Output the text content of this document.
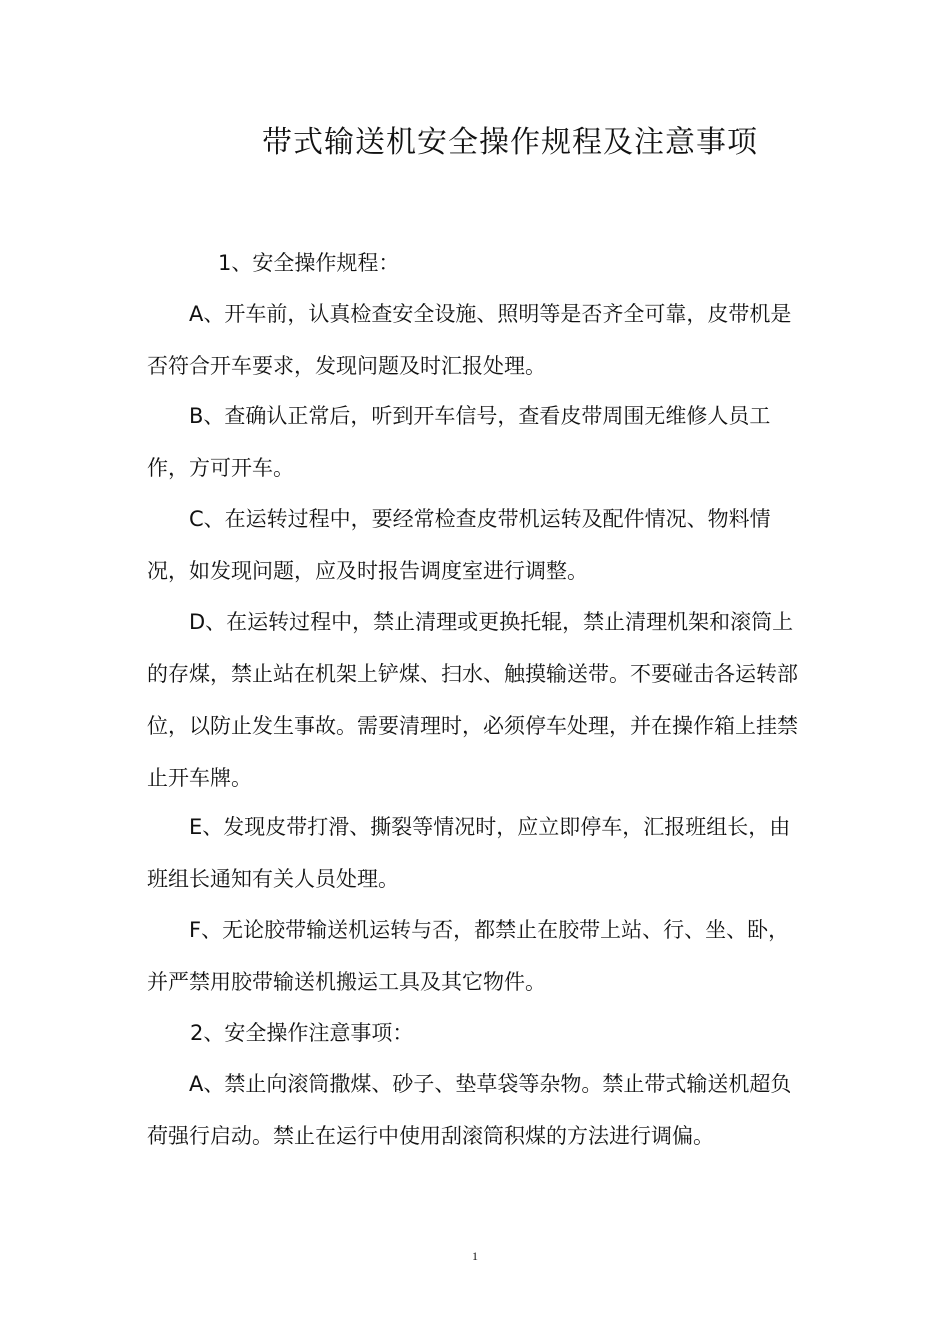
带式输送机安全操作规程及注意事项
1、安全操作规程：

A、开车前，认真检查安全设施、照明等是否齐全可靠，皮带机是否符合开车要求，发现问题及时汇报处理。

B、查确认正常后，听到开车信号，查看皮带周围无维修人员工作，方可开车。

C、在运转过程中，要经常检查皮带机运转及配件情况、物料情况，如发现问题，应及时报告调度室进行调整。

D、在运转过程中，禁止清理或更换托辊，禁止清理机架和滚筒上的存煤，禁止站在机架上铲煤、扫水、触摸输送带。不要碰击各运转部位，以防止发生事故。需要清理时，必须停车处理，并在操作箱上挂禁止开车牌。

E、发现皮带打滑、撕裂等情况时，应立即停车，汇报班组长，由班组长通知有关人员处理。

F、无论胶带输送机运转与否，都禁止在胶带上站、行、坐、卧，并严禁用胶带输送机搬运工具及其它物件。

2、安全操作注意事项：

A、禁止向滚筒撒煤、砂子、垫草袋等杂物。禁止带式输送机超负荷强行启动。禁止在运行中使用刮滚筒积煤的方法进行调偏。

1
